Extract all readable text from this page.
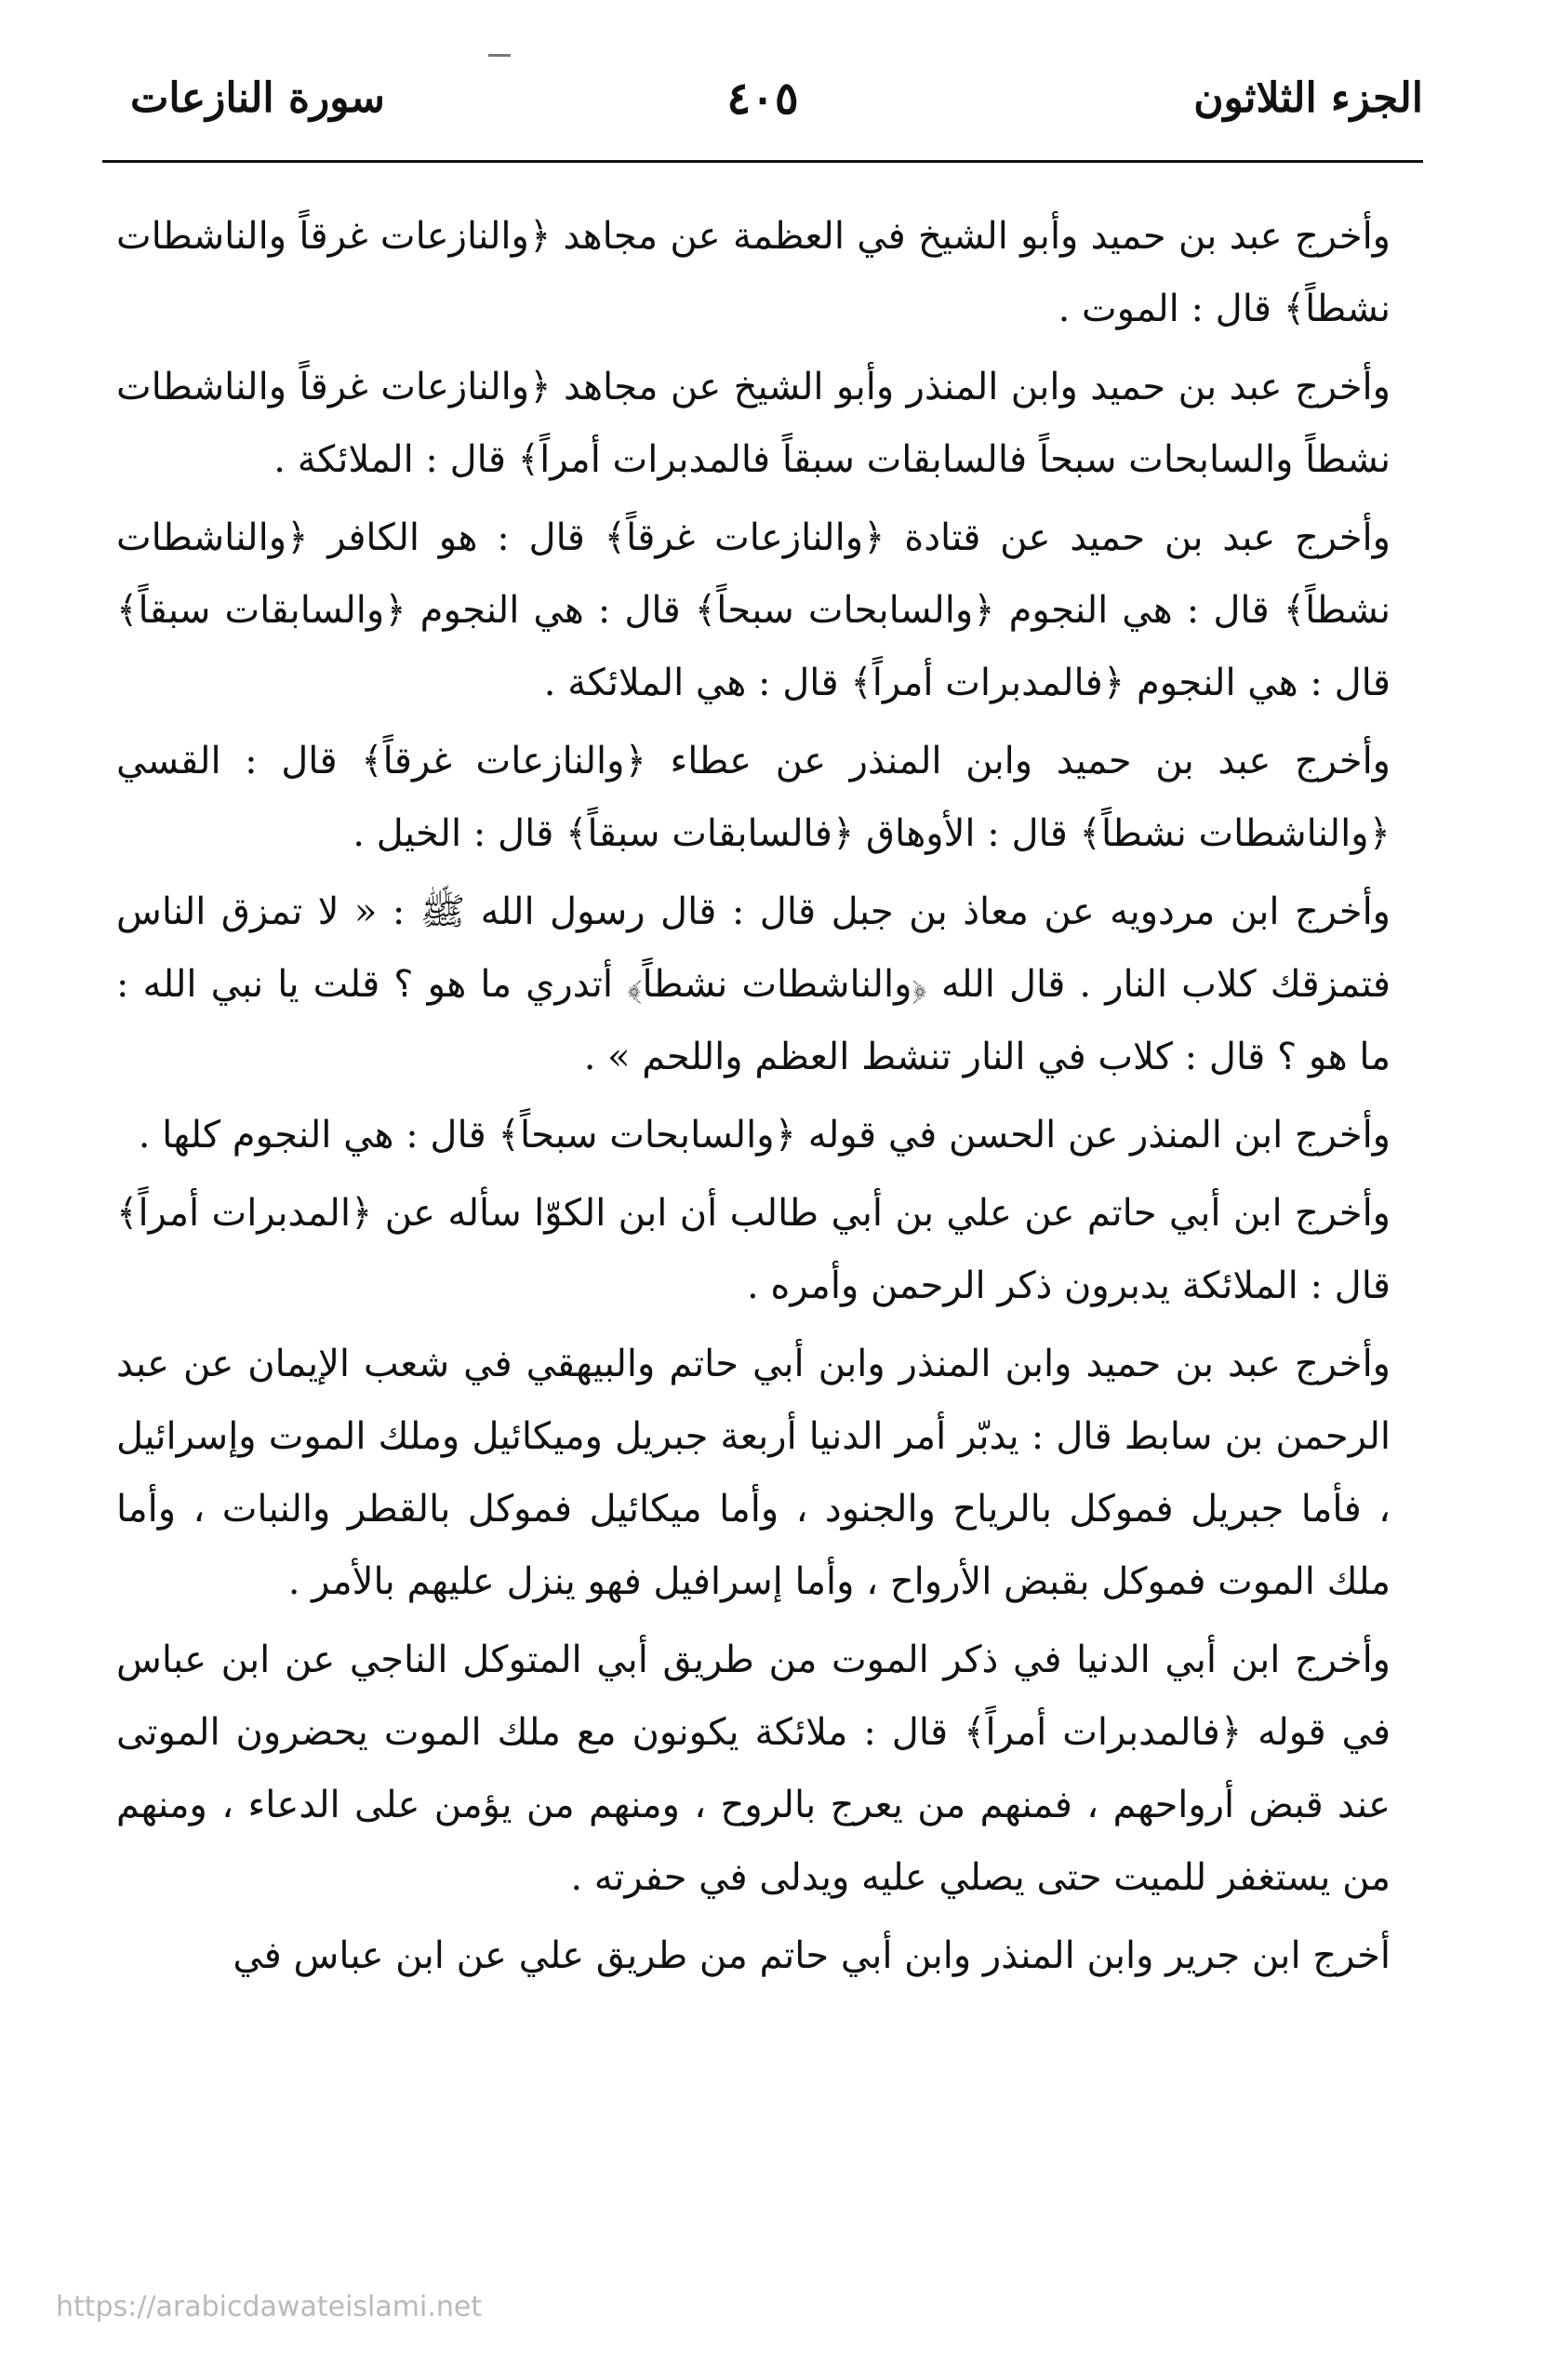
الجزء الثلاثون
٤٠٥
سورة النازعات

وأخرج عبد بن حميد وأبو الشيخ في العظمة عن مجاهد ﴿والنازعات غرقاً والناشطات نشطاً﴾ قال : الموت .

وأخرج عبد بن حميد وابن المنذر وأبو الشيخ عن مجاهد ﴿والنازعات غرقاً والناشطات نشطاً والسابحات سبحاً فالسابقات سبقاً فالمدبرات أمراً﴾ قال : الملائكة .

وأخرج عبد بن حميد عن قتادة ﴿والنازعات غرقاً﴾ قال : هو الكافر ﴿والناشطات نشطاً﴾ قال : هي النجوم ﴿والسابحات سبحاً﴾ قال : هي النجوم ﴿والسابقات سبقاً﴾ قال : هي النجوم ﴿فالمدبرات أمراً﴾ قال : هي الملائكة .

وأخرج عبد بن حميد وابن المنذر عن عطاء ﴿والنازعات غرقاً﴾ قال : القسي ﴿والناشطات نشطاً﴾ قال : الأوهاق ﴿فالسابقات سبقاً﴾ قال : الخيل .

وأخرج ابن مردويه عن معاذ بن جبل قال : قال رسول الله ﷺ : « لا تمزق الناس فتمزقك كلاب النار . قال الله ﴿والناشطات نشطاً﴾ أتدري ما هو ؟ قلت يا نبي الله : ما هو ؟ قال : كلاب في النار تنشط العظم واللحم » .

وأخرج ابن المنذر عن الحسن في قوله ﴿والسابحات سبحاً﴾ قال : هي النجوم كلها .

وأخرج ابن أبي حاتم عن علي بن أبي طالب أن ابن الكوّا سأله عن ﴿المدبرات أمراً﴾ قال : الملائكة يدبرون ذكر الرحمن وأمره .

وأخرج عبد بن حميد وابن المنذر وابن أبي حاتم والبيهقي في شعب الإيمان عن عبد الرحمن بن سابط قال : يدبّر أمر الدنيا أربعة جبريل وميكائيل وملك الموت وإسرائيل ، فأما جبريل فموكل بالرياح والجنود ، وأما ميكائيل فموكل بالقطر والنبات ، وأما ملك الموت فموكل بقبض الأرواح ، وأما إسرافيل فهو ينزل عليهم بالأمر .

وأخرج ابن أبي الدنيا في ذكر الموت من طريق أبي المتوكل الناجي عن ابن عباس في قوله ﴿فالمدبرات أمراً﴾ قال : ملائكة يكونون مع ملك الموت يحضرون الموتى عند قبض أرواحهم ، فمنهم من يعرج بالروح ، ومنهم من يؤمن على الدعاء ، ومنهم من يستغفر للميت حتى يصلي عليه ويدلى في حفرته .

أخرج ابن جرير وابن المنذر وابن أبي حاتم من طريق علي عن ابن عباس في

https://arabicdawateislami.net
